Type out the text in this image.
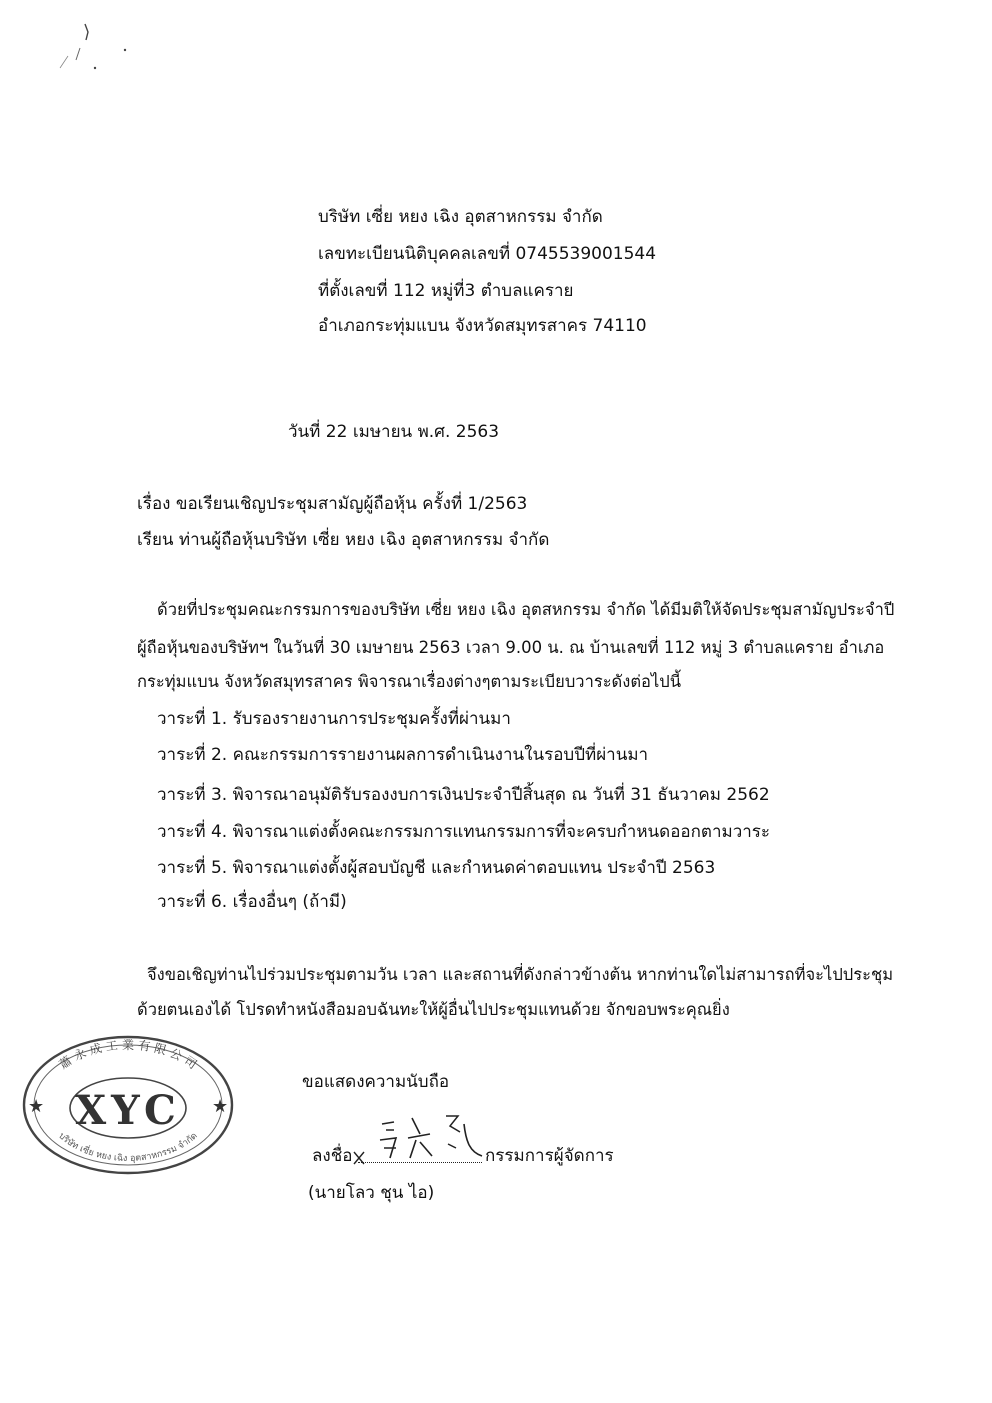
บริษัท เซี่ย หยง เฉิง อุตสาหกรรม จำกัด
เลขทะเบียนนิติบุคคลเลขที่ 0745539001544
ที่ตั้งเลขที่ 112 หมู่ที่3 ตำบลแคราย
อำเภอกระทุ่มแบน จังหวัดสมุทรสาคร 74110
วันที่ 22 เมษายน พ.ศ. 2563
เรื่อง ขอเรียนเชิญประชุมสามัญผู้ถือหุ้น ครั้งที่ 1/2563
เรียน ท่านผู้ถือหุ้นบริษัท เซี่ย หยง เฉิง อุตสาหกรรม จำกัด
ด้วยที่ประชุมคณะกรรมการของบริษัท เซี่ย หยง เฉิง อุตสหกรรม จำกัด ได้มีมติให้จัดประชุมสามัญประจำปี
ผู้ถือหุ้นของบริษัทฯ ในวันที่ 30 เมษายน 2563 เวลา 9.00 น. ณ บ้านเลขที่ 112 หมู่ 3 ตำบลแคราย อำเภอ
กระทุ่มแบน จังหวัดสมุทรสาคร พิจารณาเรื่องต่างๆตามระเบียบวาระดังต่อไปนี้
วาระที่ 1. รับรองรายงานการประชุมครั้งที่ผ่านมา
วาระที่ 2. คณะกรรมการรายงานผลการดำเนินงานในรอบปีที่ผ่านมา
วาระที่ 3. พิจารณาอนุมัติรับรองงบการเงินประจำปีสิ้นสุด ณ วันที่ 31 ธันวาคม 2562
วาระที่ 4. พิจารณาแต่งตั้งคณะกรรมการแทนกรรมการที่จะครบกำหนดออกตามวาระ
วาระที่ 5. พิจารณาแต่งตั้งผู้สอบบัญชี และกำหนดค่าตอบแทน ประจำปี 2563
วาระที่ 6. เรื่องอื่นๆ (ถ้ามี)
จึงขอเชิญท่านไปร่วมประชุมตามวัน เวลา และสถานที่ดังกล่าวข้างต้น หากท่านใดไม่สามารถที่จะไปประชุม
ด้วยตนเองได้ โปรดทำหนังสือมอบฉันทะให้ผู้อื่นไปประชุมแทนด้วย จักขอบพระคุณยิ่ง
ขอแสดงความนับถือ
ลงชื่อ	กรรมการผู้จัดการ
(นายโลว ชุน ไอ)
XYC
蕭 永 成 工 業 有 限 公 司
บริษัท เซี่ย หยง เฉิง อุตสาหกรรม จำกัด
★	★
